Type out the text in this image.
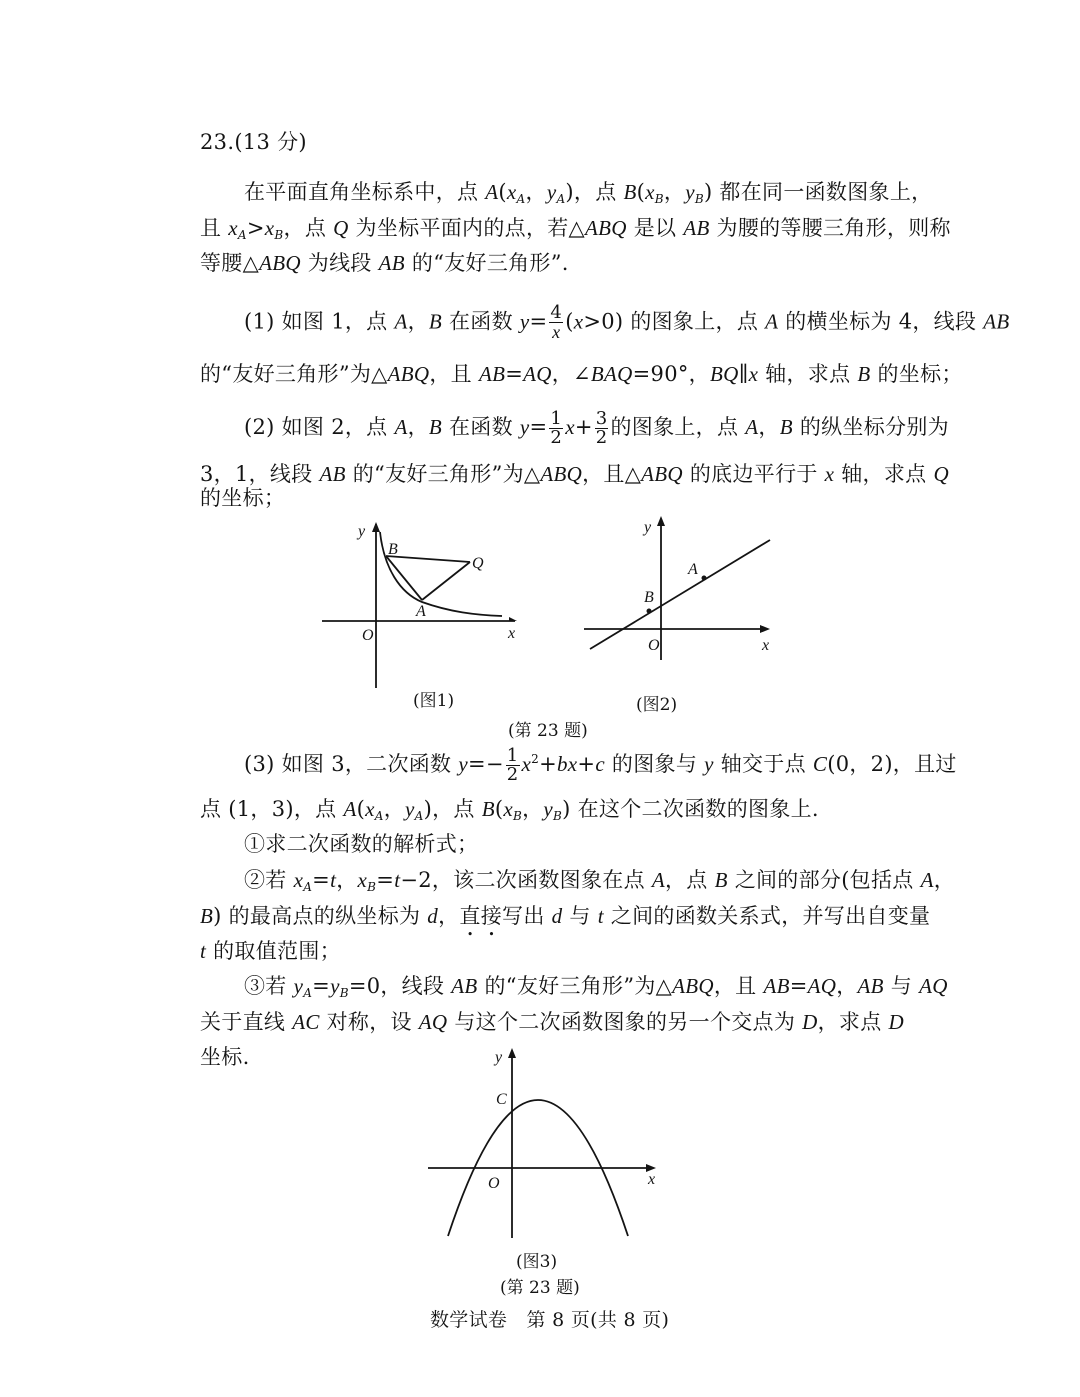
23.(13 分)
在平面直角坐标系中，点 $A(x_A$，$y_A$)，点 $B(x_B$，$y_B$) 都在同一函数图象上，
且 $x_A>x_B$，点 Q 为坐标平面内的点，若△ABQ 是以 AB 为腰的等腰三角形，则称
等腰△ABQ 为线段 AB 的“友好三角形”.
(1) 如图 1，点 A，B 在函数 $y= \frac{4}{x} (x>0)$ 的图象上，点 A 的横坐标为 4，线段 AB
的“友好三角形”为△ABQ，且 AB=AQ，∠BAQ=90°，BQ∥x 轴，求点 B 的坐标；
(2) 如图 2，点 A，B 在函数 $y= \frac{1}{2} x+ \frac{3}{2}$ 的图象上，点 A，B 的纵坐标分别为
3，1，线段 AB 的“友好三角形”为△ABQ，且△ABQ 的底边平行于 x 轴，求点 Q
的坐标；
y
B
Q
A
O	x
(图1)
y
A
B
O	x
(图2)
(第 23 题)
(3) 如图 3，二次函数 $y=- \frac{1}{2} x^2+bx+c$ 的图象与 y 轴交于点 C(0，2)，且过
点 (1，3)，点 $A(x_A$，$y_A$)，点 $B(x_B$，$y_B$) 在这个二次函数的图象上.
①求二次函数的解析式；
②若 $x_A=t$，$x_B=t-2$，该二次函数图象在点 A，点 B 之间的部分(包括点 A，
B) 的最高点的纵坐标为 d，直接写出 d 与 t 之间的函数关系式，并写出自变量
t 的取值范围；
③若 $y_A=y_B=0$，线段 AB 的“友好三角形”为△ABQ，且 AB=AQ，AB 与 AQ
关于直线 AC 对称，设 AQ 与这个二次函数图象的另一个交点为 D，求点 D
坐标.	y
C
O	x
(图3)
(第 23 题)
数学试卷　第 8 页(共 8 页)
